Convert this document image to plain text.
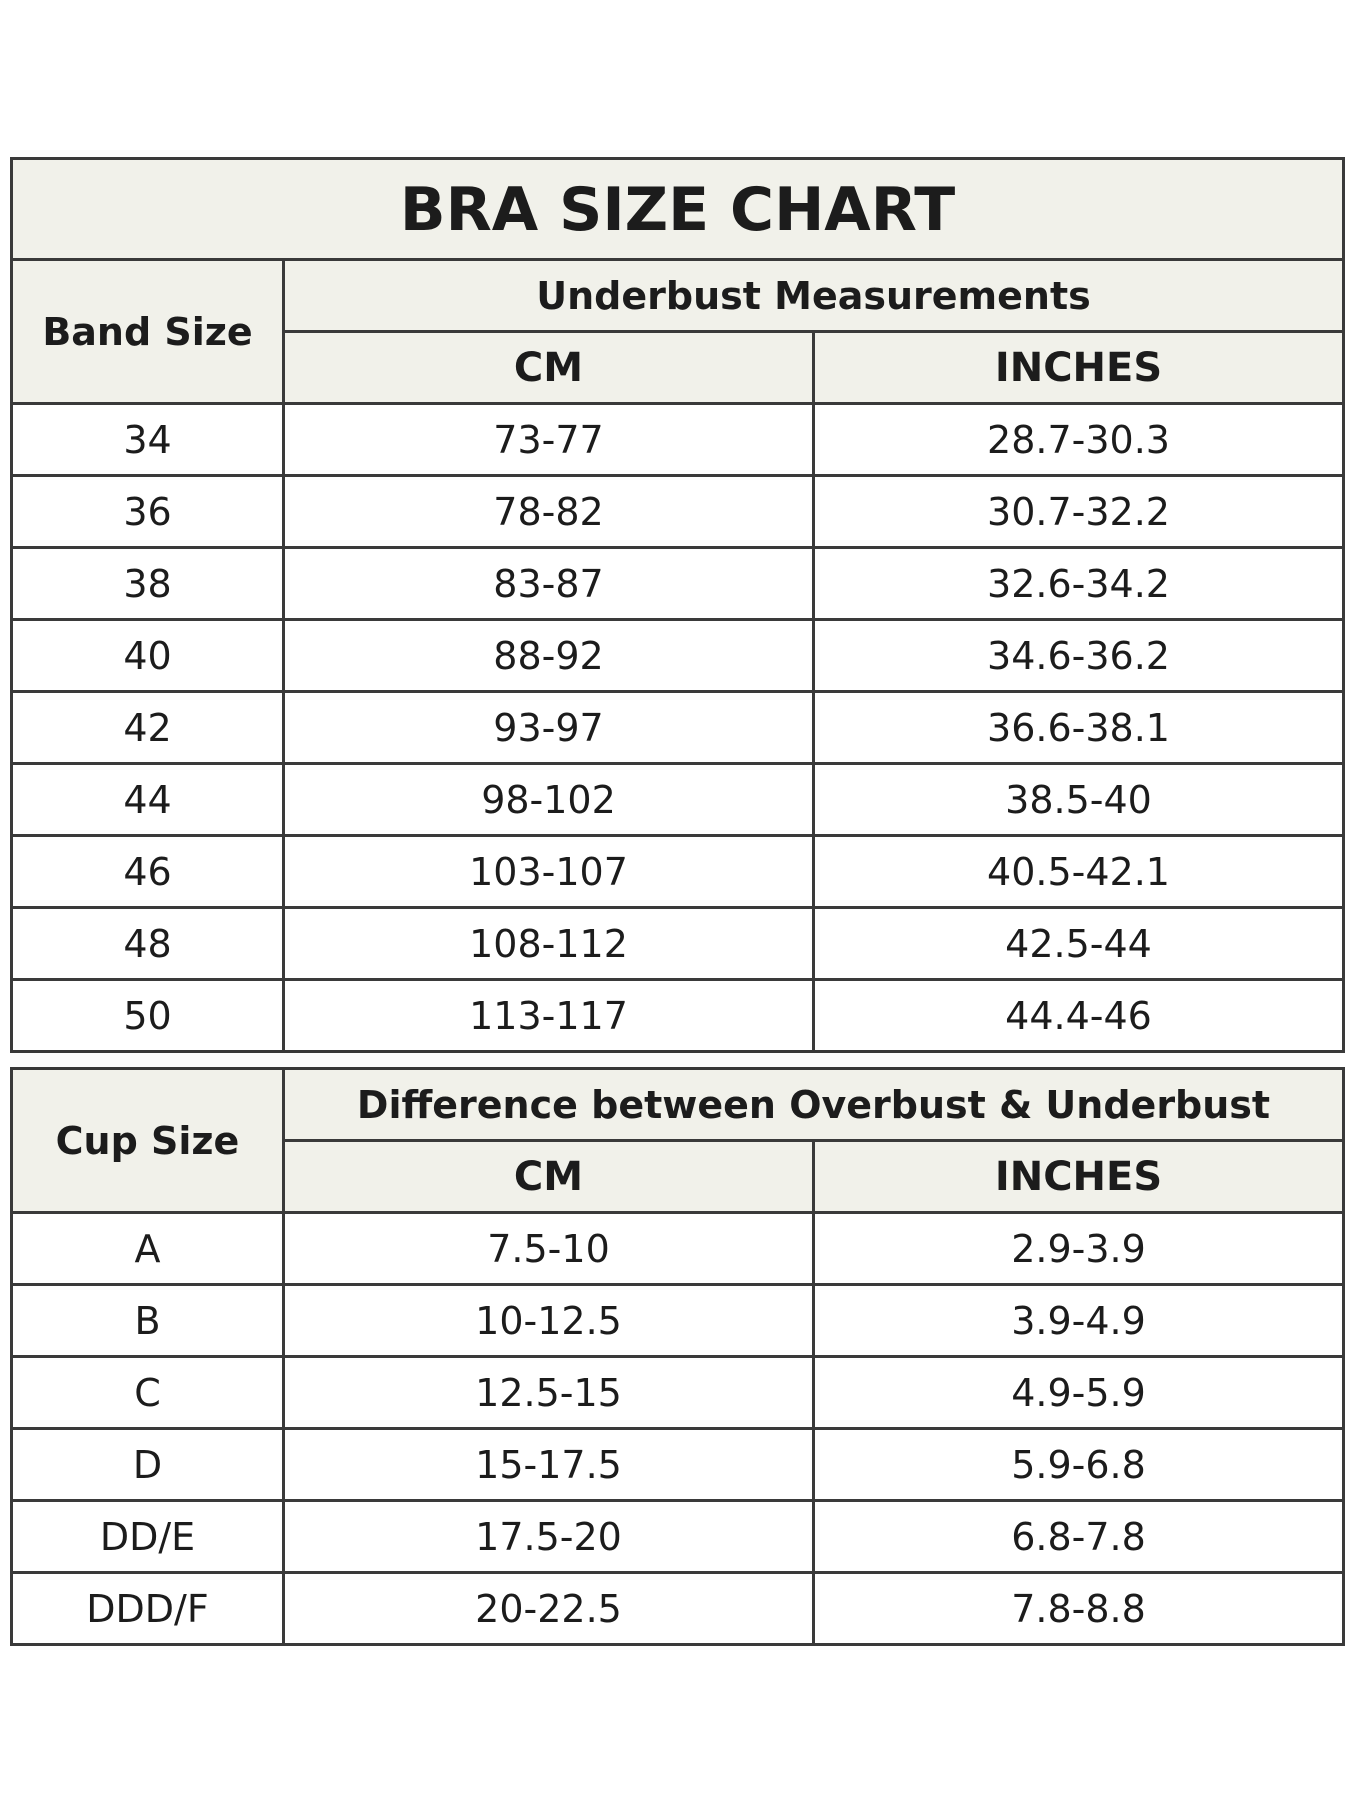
BRA SIZE CHART		
Band Size	Underbust Measurements	
	CM	INCHES
34	73-77	28.7-30.3
36	78-82	30.7-32.2
38	83-87	32.6-34.2
40	88-92	34.6-36.2
42	93-97	36.6-38.1
44	98-102	38.5-40
46	103-107	40.5-42.1
48	108-112	42.5-44
50	113-117	44.4-46
Cup Size	Difference between Overbust & Underbust	
	CM	INCHES
A	7.5-10	2.9-3.9
B	10-12.5	3.9-4.9
C	12.5-15	4.9-5.9
D	15-17.5	5.9-6.8
DD/E	17.5-20	6.8-7.8
DDD/F	20-22.5	7.8-8.8
